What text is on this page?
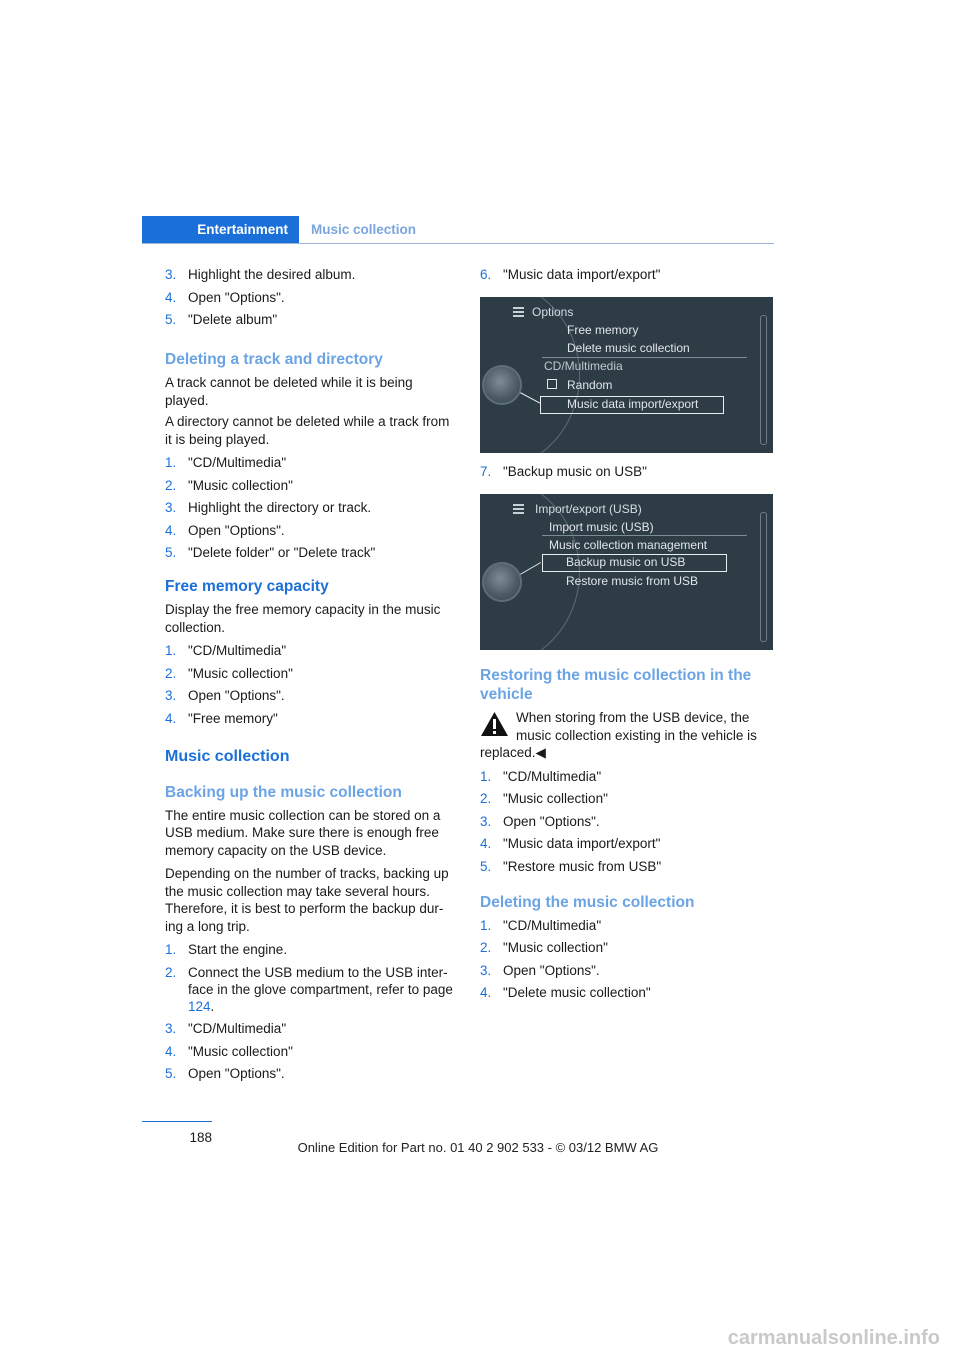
Entertainment Music collection
3. Highlight the desired album.
4. Open "Options".
5. "Delete album"
Deleting a track and directory
A track cannot be deleted while it is being played.
A directory cannot be deleted while a track from it is being played.
1. "CD/Multimedia"
2. "Music collection"
3. Highlight the directory or track.
4. Open "Options".
5. "Delete folder" or "Delete track"
Free memory capacity
Display the free memory capacity in the music collection.
1. "CD/Multimedia"
2. "Music collection"
3. Open "Options".
4. "Free memory"
Music collection
Backing up the music collection
The entire music collection can be stored on a USB medium. Make sure there is enough free memory capacity on the USB device.
Depending on the number of tracks, backing up the music collection may take several hours. Therefore, it is best to perform the backup dur-ing a long trip.
1. Start the engine.
2. Connect the USB medium to the USB inter-face in the glove compartment, refer to page 124.
3. "CD/Multimedia"
4. "Music collection"
5. Open "Options".
6. "Music data import/export"
Options
Free memory
Delete music collection
CD/Multimedia
Random
Music data import/export
7. "Backup music on USB"
Import/export (USB)
Import music (USB)
Music collection management
Backup music on USB
Restore music from USB
Restoring the music collection in the vehicle
When storing from the USB device, the music collection existing in the vehicle is
replaced.◀
1. "CD/Multimedia"
2. "Music collection"
3. Open "Options".
4. "Music data import/export"
5. "Restore music from USB"
Deleting the music collection
1. "CD/Multimedia"
2. "Music collection"
3. Open "Options".
4. "Delete music collection"
188
Online Edition for Part no. 01 40 2 902 533 - © 03/12 BMW AG
carmanualsonline.info
